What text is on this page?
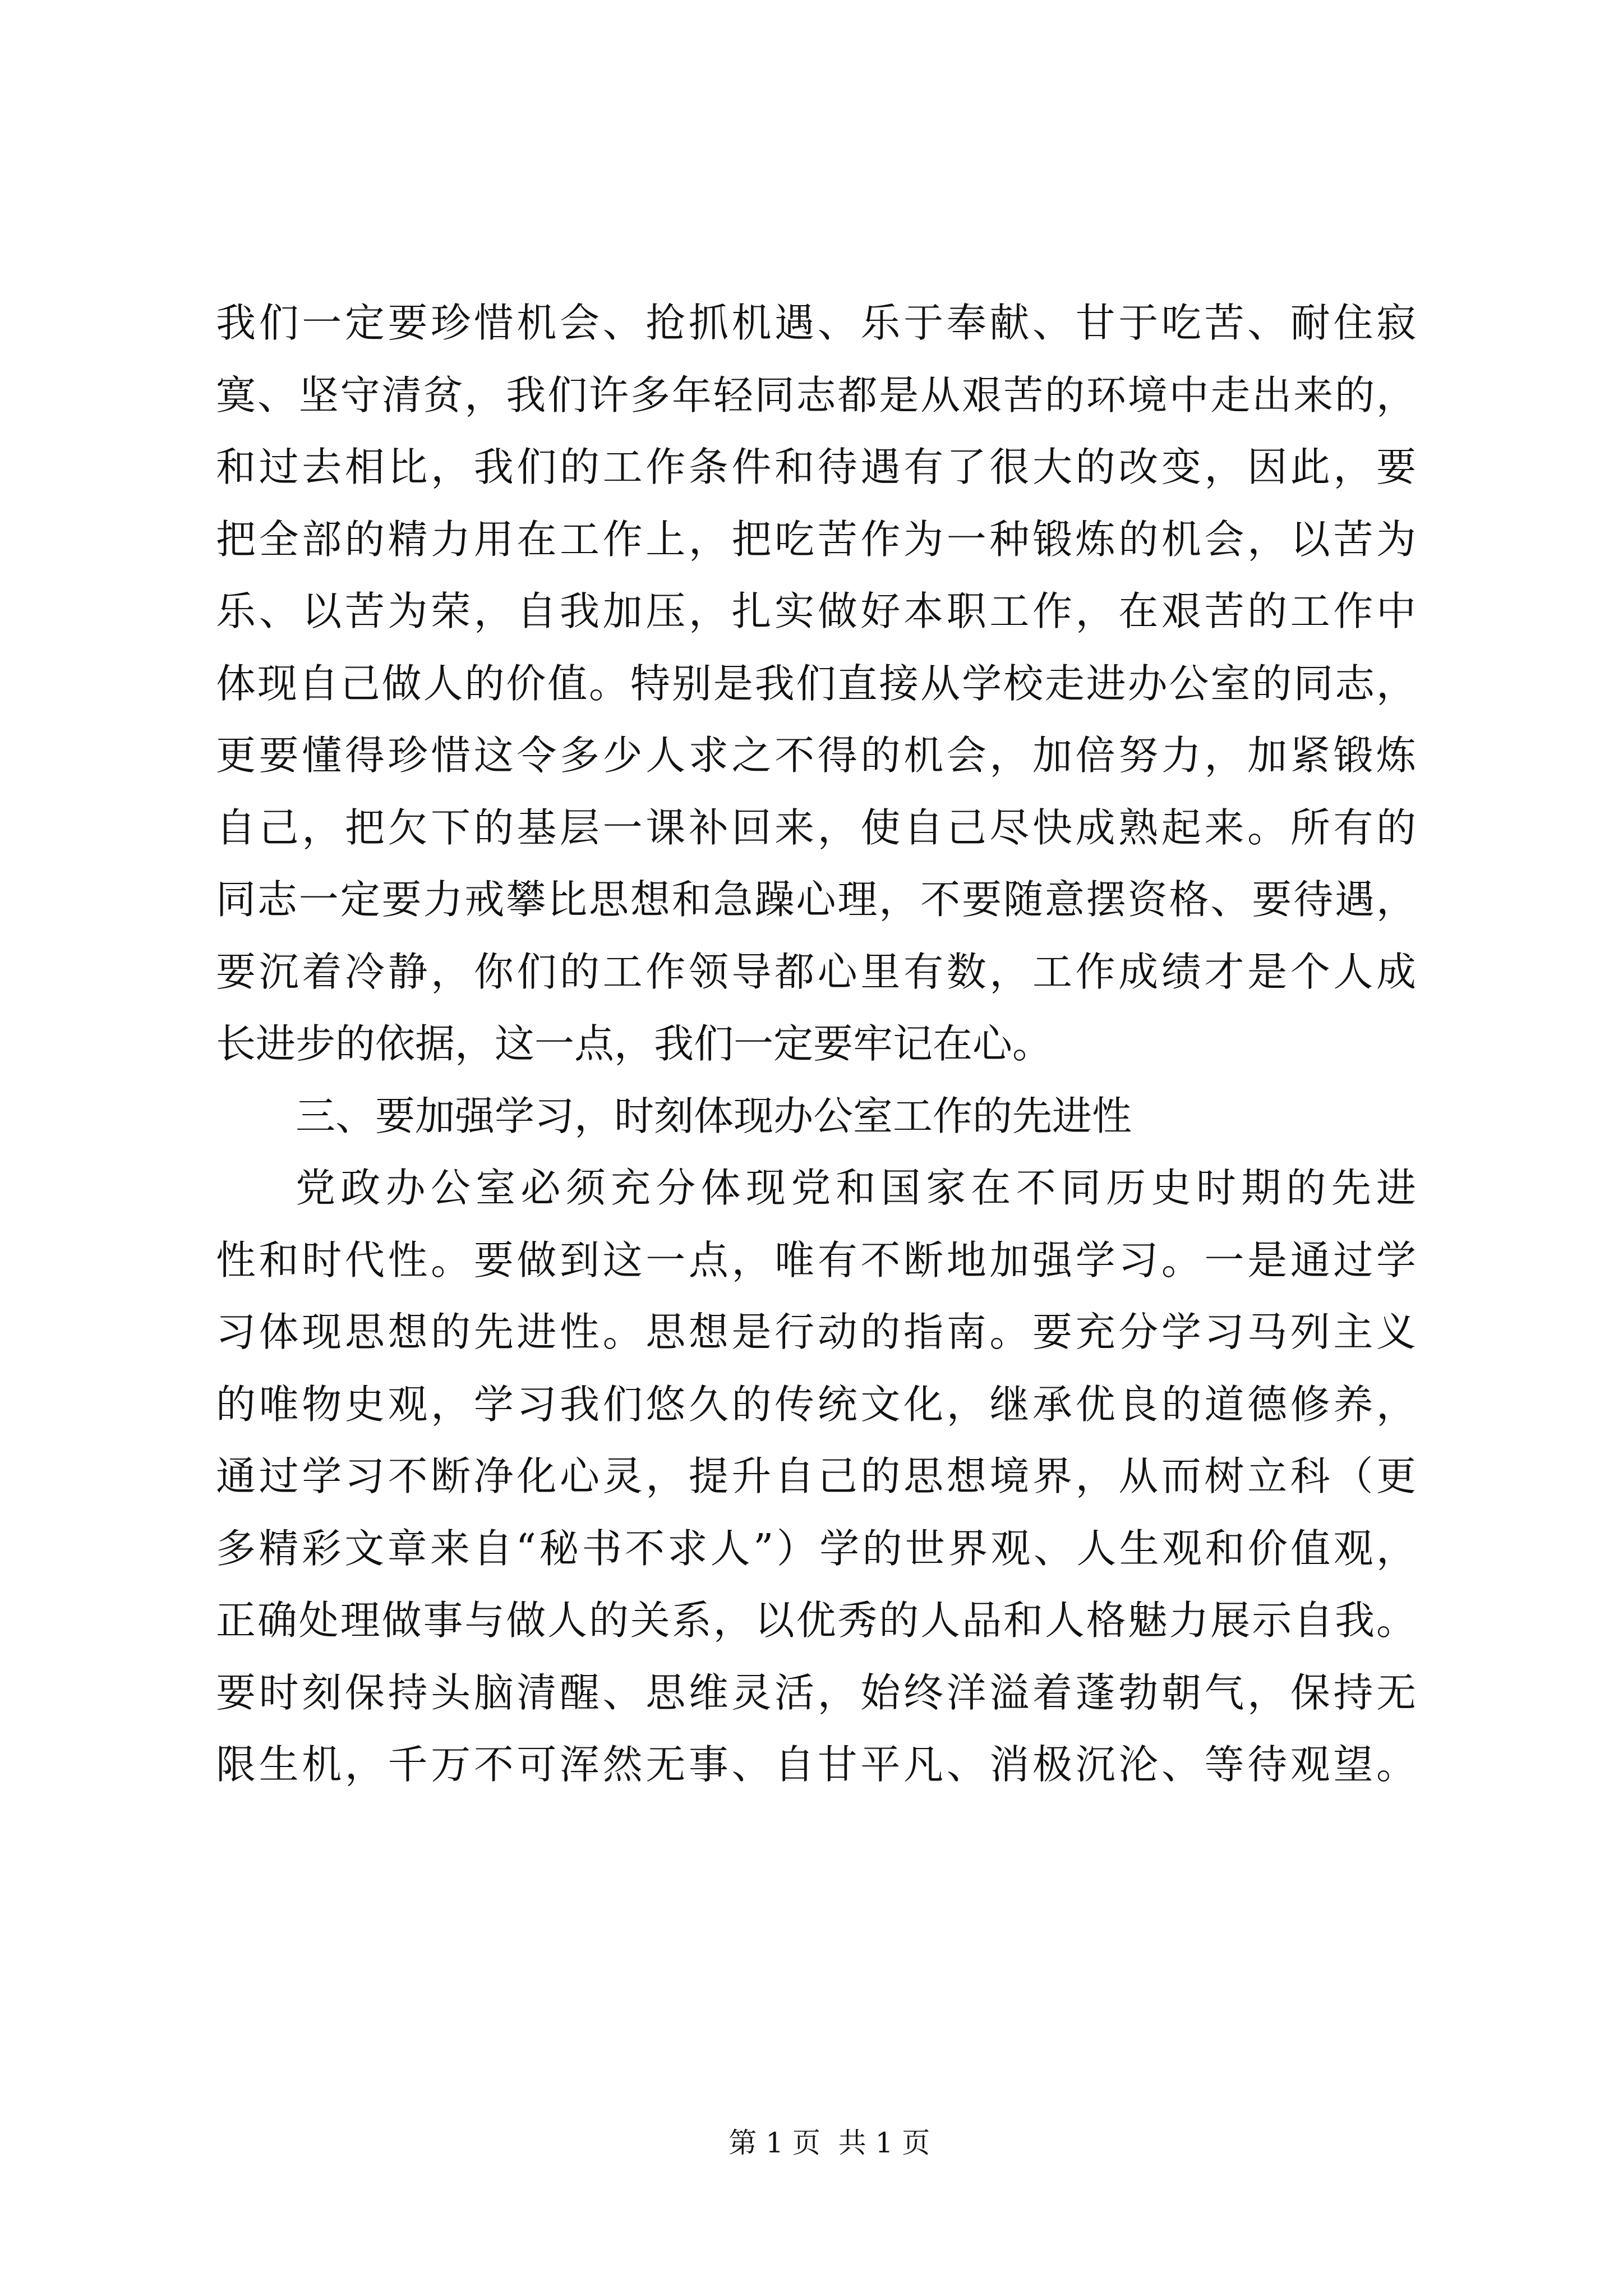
我们一定要珍惜机会、抢抓机遇、乐于奉献、甘于吃苦、耐住寂
寞、坚守清贫，我们许多年轻同志都是从艰苦的环境中走出来的，
和过去相比，我们的工作条件和待遇有了很大的改变，因此，要
把全部的精力用在工作上，把吃苦作为一种锻炼的机会，以苦为
乐、以苦为荣，自我加压，扎实做好本职工作，在艰苦的工作中
体现自己做人的价值。特别是我们直接从学校走进办公室的同志，
更要懂得珍惜这令多少人求之不得的机会，加倍努力，加紧锻炼
自己，把欠下的基层一课补回来，使自己尽快成熟起来。所有的
同志一定要力戒攀比思想和急躁心理，不要随意摆资格、要待遇，
要沉着冷静，你们的工作领导都心里有数，工作成绩才是个人成
长进步的依据，这一点，我们一定要牢记在心。
三、要加强学习，时刻体现办公室工作的先进性
党政办公室必须充分体现党和国家在不同历史时期的先进
性和时代性。要做到这一点，唯有不断地加强学习。一是通过学
习体现思想的先进性。思想是行动的指南。要充分学习马列主义
的唯物史观，学习我们悠久的传统文化，继承优良的道德修养，
通过学习不断净化心灵，提升自己的思想境界，从而树立科（更
多精彩文章来自“秘书不求人”）学的世界观、人生观和价值观，
正确处理做事与做人的关系，以优秀的人品和人格魅力展示自我。
要时刻保持头脑清醒、思维灵活，始终洋溢着蓬勃朝气，保持无
限生机，千万不可浑然无事、自甘平凡、消极沉沦、等待观望。

第 1 页  共 1 页
